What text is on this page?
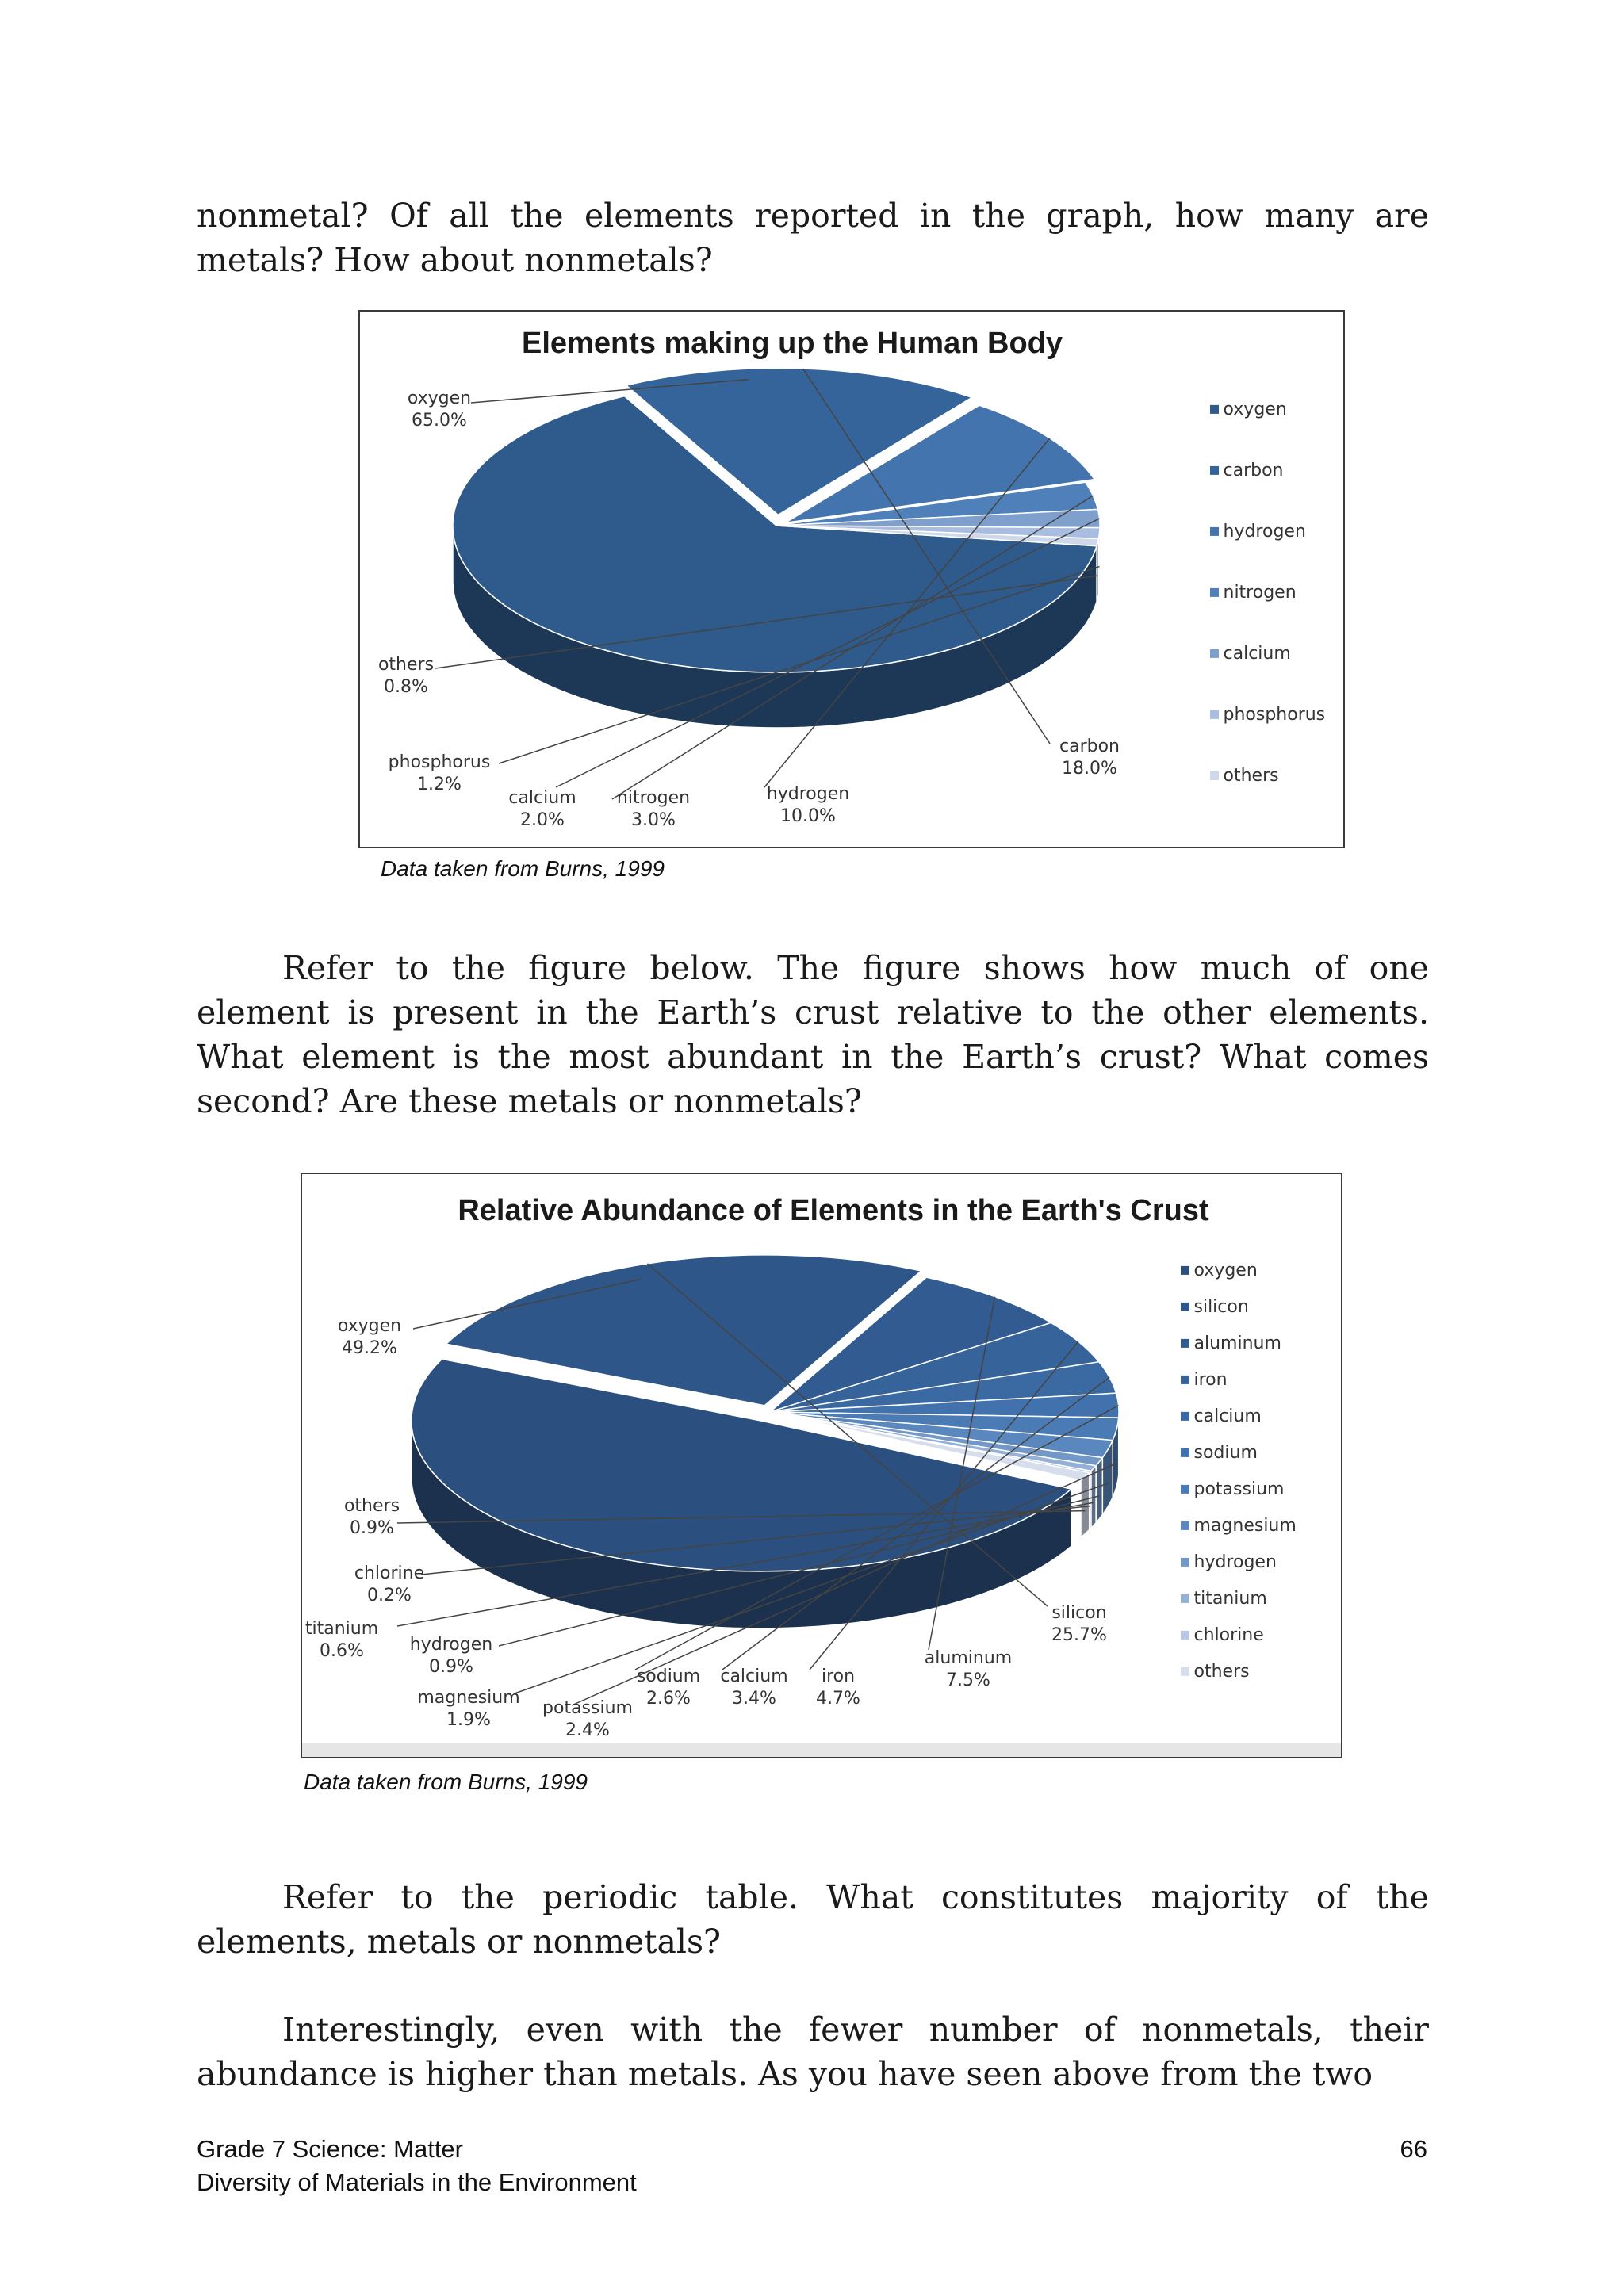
nonmetal? Of all the elements reported in the graph, how many are metals? How about nonmetals?

Elements making up the Human Body
oxygen
65.0%
carbon
18.0%
hydrogen
10.0%
nitrogen
3.0%
calcium
2.0%
phosphorus
1.2%
others
0.8%
oxygen
carbon
hydrogen
nitrogen
calcium
phosphorus
others
Data taken from Burns, 1999

Refer to the figure below. The figure shows how much of one element is present in the Earth’s crust relative to the other elements. What element is the most abundant in the Earth’s crust? What comes second? Are these metals or nonmetals?

Relative Abundance of Elements in the Earth's Crust
oxygen
49.2%
silicon
25.7%
aluminum
7.5%
iron
4.7%
calcium
3.4%
sodium
2.6%
potassium
2.4%
magnesium
1.9%
hydrogen
0.9%
titanium
0.6%
chlorine
0.2%
others
0.9%
oxygen
silicon
aluminum
iron
calcium
sodium
potassium
magnesium
hydrogen
titanium
chlorine
others
Data taken from Burns, 1999

Refer to the periodic table. What constitutes majority of the elements, metals or nonmetals?

Interestingly, even with the fewer number of nonmetals, their abundance is higher than metals. As you have seen above from the two

Grade 7 Science: Matter
Diversity of Materials in the Environment
66
